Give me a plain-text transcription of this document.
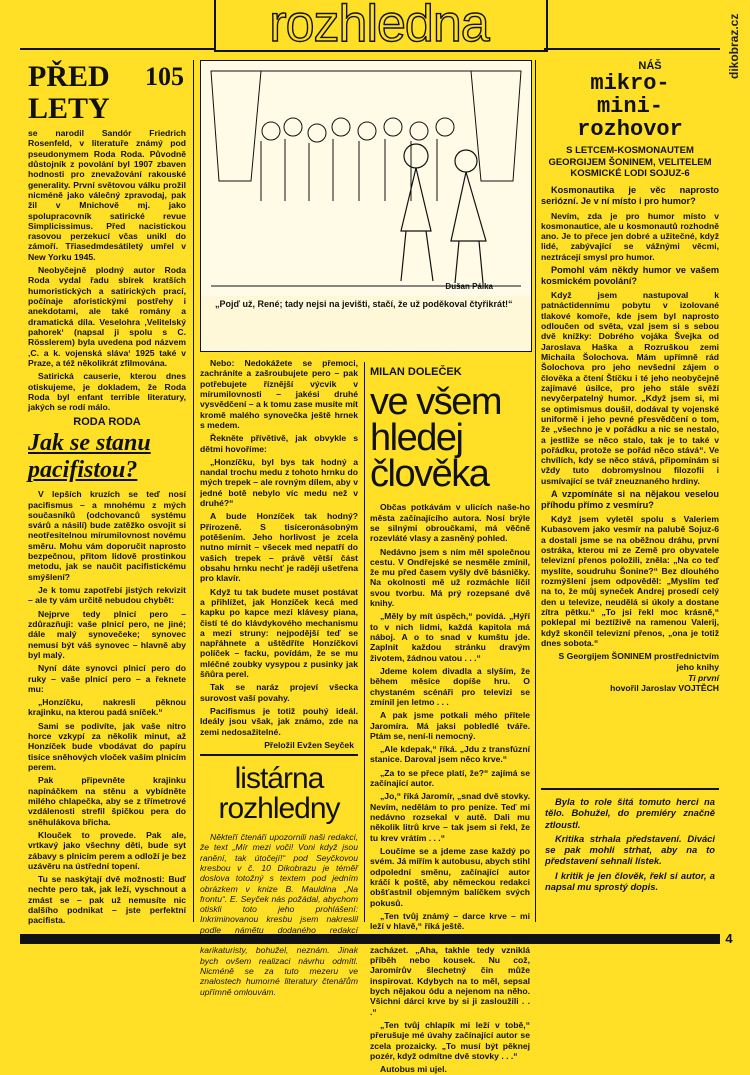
dikobraz.cz
rozhledna
4
PŘED 105
LETY

se narodil Sandór Friedrich Rosenfeld, v literatuře známý pod pseudonymem Roda Roda. Původně důstojník z povolání byl 1907 zbaven hodnosti pro znevažování rakouské generality. První světovou válku prožil nicméně jako válečný zpravodaj, pak žil v Mnichově mj. jako spolupracovník satirické revue Simplicissimus. Před nacistickou rasovou perzekucí včas unikl do zámoří. Třiasedmdesátiletý umřel v New Yorku 1945.

Neobyčejně plodný autor Roda Roda vydal řadu sbírek kratších humoristických a satirických prací, počínaje aforistickými postřehy i anekdotami, ale také romány a dramatická díla. Veselohra ‚Velitelský pahorek‘ (napsal ji spolu s C. Rösslerem) byla uvedena pod názvem ‚C. a k. vojenská sláva‘ 1925 také v Praze, a též několikrát zfilmována.

Satirická causerie, kterou dnes otiskujeme, je dokladem, že Roda Roda byl enfant terrible literatury, jakých se rodí málo.

RODA RODA
Jak se stanu pacifistou?

V lepších kruzích se teď nosí pacifismus – a mnohému z mých současníků (odchovanců systému svárů a násilí) bude zatěžko osvojit si neotřesitelnou mírumilovnost novému směru. Mohu vám doporučit naprosto bezpečnou, přitom lidově prostinkou metodu, jak se naučit pacifistickému smýšlení?

Je k tomu zapotřebí jistých rekvizit – ale ty vám určitě nebudou chybět:

Nejprve tedy plnicí pero – zdůrazňuji: vaše plnicí pero, ne jiné; dále malý synovečeke; synovec nemusí být váš synovec – hlavně aby byl malý.

Nyní dáte synovci plnicí pero do ruky – vaše plnicí pero – a řeknete mu:

„Honzíčku, nakresli pěknou krajinku, na kterou padá sníček.“

Sami se podivíte, jak vaše nitro horce vzkypí za několik minut, až Honzíček bude vbodávat do papíru tisíce sněhových vloček vaším plnicím perem.

Pak připevněte krajinku napínáčkem na stěnu a vybídněte milého chlapečka, aby se z třímetrové vzdálenosti strefil špičkou pera do sněhulákova břicha.

Klouček to provede. Pak ale, vrtkavý jako všechny děti, bude syt zábavy s plnicím perem a odloží je bez uzávěru na ústřední topení.

Tu se naskýtají dvě možnosti: Buď nechte pero tak, jak leží, vyschnout a zmást se – pak už nemusíte nic dalšího podnikat – jste perfektní pacifista.

Dušan Pálka
„Pojď už, René; tady nejsi na jevišti, stačí, že už poděkoval čtyřikrát!“

Nebo: Nedokážete se přemoci, zachráníte a zašroubujete pero – pak potřebujete říznější výcvik v mírumilovnosti – jakési druhé vysvědčení – a k tomu zase musíte mít kromě malého synovečka ještě hrnek s medem.

Řekněte přívětivě, jak obvykle s dětmi hovoříme:

„Honzíčku, byl bys tak hodný a nandal trochu medu z tohoto hrnku do mých trepek – ale rovným dílem, aby v jedné botě nebylo víc medu než v druhé?“

A bude Honzíček tak hodný? Přirozeně. S tisíceronásobným potěšením. Jeho horlivost je zcela nutno mírnit – všecek med nepatří do vašich trepek – právě větší část obsahu hrnku nechť je raději ušetřena pro klavír.

Když tu tak budete muset postávat a přihlížet, jak Honzíček kecá med kapku po kapce mezi klávesy piana, čistí té do klávdykového mechanismu a mezi struny: nejpodější teď se napřáhnete a uštědříte Honzíčkovi políček – facku, povídám, že se mu mléčné zoubky vysypou z pusinky jak šňůra perel.

Tak se naráz projeví všecka surovost vaší povahy.

Pacifismus je totiž pouhý ideál. Ideály jsou však, jak známo, zde na zemi nedosažitelné.

Přeložil Evžen Seyček
listárna rozhledny

Někteří čtenáři upozornili naši redakci, že text „Mír mezi voči! Voni když jsou ranění, tak útočejí!“ pod Seyčkovou kresbou v č. 10 Dikobrazu je téměř doslova totožný s textem pod jedním obrázkem v knize B. Mauldina „Na frontu“. E. Seyček nás požádal, abychom otiskli toto jeho prohlášení: Inkriminovanou kresbu jsem nakreslil podle námětu dodaného redakcí čtenářem. Citovanou knížku amerického karikaturisty, bohužel, neznám. Jinak bych ovšem realizaci návrhu odmítl. Nicméně se za tuto mezeru ve znalostech humorné literatury čtenářům upřímně omlouvám.

MILAN DOLEČEK
ve všem hledej člověka

Občas potkávám v ulicích naše-ho města začínajícího autora. Nosí brýle se silnými obroučkami, má věčně rozevláté vlasy a zasněný pohled.

Nedávno jsem s ním měl společnou cestu. V Ondřejské se nesměle zmínil, že mu před časem vyšly dvě básničky. Na okolnosti mě už rozmáchle líčil svou tvorbu. Má prý rozepsané dvě knihy.

„Měly by mít úspěch,“ povídá. „Hýří to v nich lidmi, každá kapitola má náboj. A o to snad v kumštu jde. Zaplnit každou stránku dravým životem, žádnou vatou . . .“

Jdeme kolem divadla a slyším, že během měsíce dopíše hru. O chystaném scénáři pro televizi se zmínil jen letmo . . .

A pak jsme potkali mého přítele Jaromíra. Má jaksi pobledlé tváře. Ptám se, není-li nemocný.

„Ale kdepak,“ říká. „Jdu z transfúzní stanice. Daroval jsem něco krve.“

„Za to se přece platí, že?“ zajímá se začínající autor.

„Jo,“ říká Jaromír, „snad dvě stovky. Nevím, nedělám to pro peníze. Teď mi nedávno rozsekal v autě. Dali mu několik litrů krve – tak jsem si řekl, že tu krev vrátím . . .“

Loučíme se a jdeme zase každý po svém. Já mířím k autobusu, abych stihl odpolední směnu, začínající autor kráčí k poště, aby německou redakci obšťastnil objemným balíčkem svých pokusů.

„Ten tvůj známý – darce krve – mi leží v hlavě,“ říká ještě.

Tak si říkám, co když by se dalo zacházet. „Aha, takhle tedy vzniklá příběh nebo kousek. Nu což, Jaromírův šlechetný čin může inspirovat. Kdybych na to měl, sepsal bych nějakou ódu a nejenom na něho. Všichni dárci krve by si ji zasloužili . . .“

„Ten tvůj chlapík mi leží v tobě,“ přerušuje mé úvahy začínající autor se zcela prozaicky. „To musí být pěknej pozér, když odmítne dvě stovky . . .“

Autobus mi ujel.

NÁŠ
mikro-
mini-
rozhovor
S LETCEM-KOSMONAUTEM GEORGIJEM ŠONINEM, VELITELEM KOSMICKÉ LODI SOJUZ-6

Kosmonautika je věc naprosto seriózní. Je v ní místo i pro humor?

Nevím, zda je pro humor místo v kosmonautice, ale u kosmonautů rozhodně ano. Je to přece jen dobré a užitečné, když lidé, zabývající se vážnými věcmi, neztrácejí smysl pro humor.

Pomohl vám někdy humor ve vašem kosmickém povolání?

Když jsem nastupoval k patnáctidennímu pobytu v izolované tlakové komoře, kde jsem byl naprosto odloučen od světa, vzal jsem si s sebou dvě knížky: Dobrého vojáka Švejka od Jaroslava Haška a Rozruškou zemi Michaila Šolochova. Mám upřímně rád Šolochova pro jeho nevšední zájem o člověka a čtení Štíčku i té jeho neobyčejně zajímavé úsilce, pro jeho stále svěží nevyčerpatelný humor. „Když jsem si, mi se optimismus doušil, dodával ty vojenské uniformě i jeho pevné přesvědčení o tom, že „všechno je v pořádku a nic se nestalo, a jestliže se něco stalo, tak je to také v pořádku, protože se pořád něco stává“. Ve chvílích, kdy se něco stává, připomínám si vždy tuto dobromyslnou filozofii i usmívající se tvář zneuznaného hrdiny.

A vzpomínáte si na nějakou veselou příhodu přímo z vesmíru?

Když jsem vyletěl spolu s Valeriem Kubasovem jako vesmír na palubě Sojuz-6 a dostali jsme se na oběžnou dráhu, první ostráka, kterou mi ze Země pro obyvatele televizní přenos položili, zněla: „Na co teď myslíte, soudruhu Šonine?“ Bez dlouhého rozmýšlení jsem odpověděl: „Myslím teď na to, že můj syneček Andrej prosedí celý den u televize, neudělá si úkoly a dostane zítra pětku.“ „To jsi řekl moc krásně,“ poklepal mi beztíživě na ramenou Valerij, když skončil televizní přenos, „ona je totiž dnes sobota.“

S Georgijem ŠONINEM prostřednictvím jeho knihy
Ti první
hovořil Jaroslav VOJTĚCH

Byla to role šitá tomuto herci na tělo. Bohužel, do premiéry značně ztloustl.

Kritika strhala představení. Diváci se pak mohli strhat, aby na to představení sehnali lístek.

I kritik je jen člověk, řekl si autor, a napsal mu sprostý dopis.
